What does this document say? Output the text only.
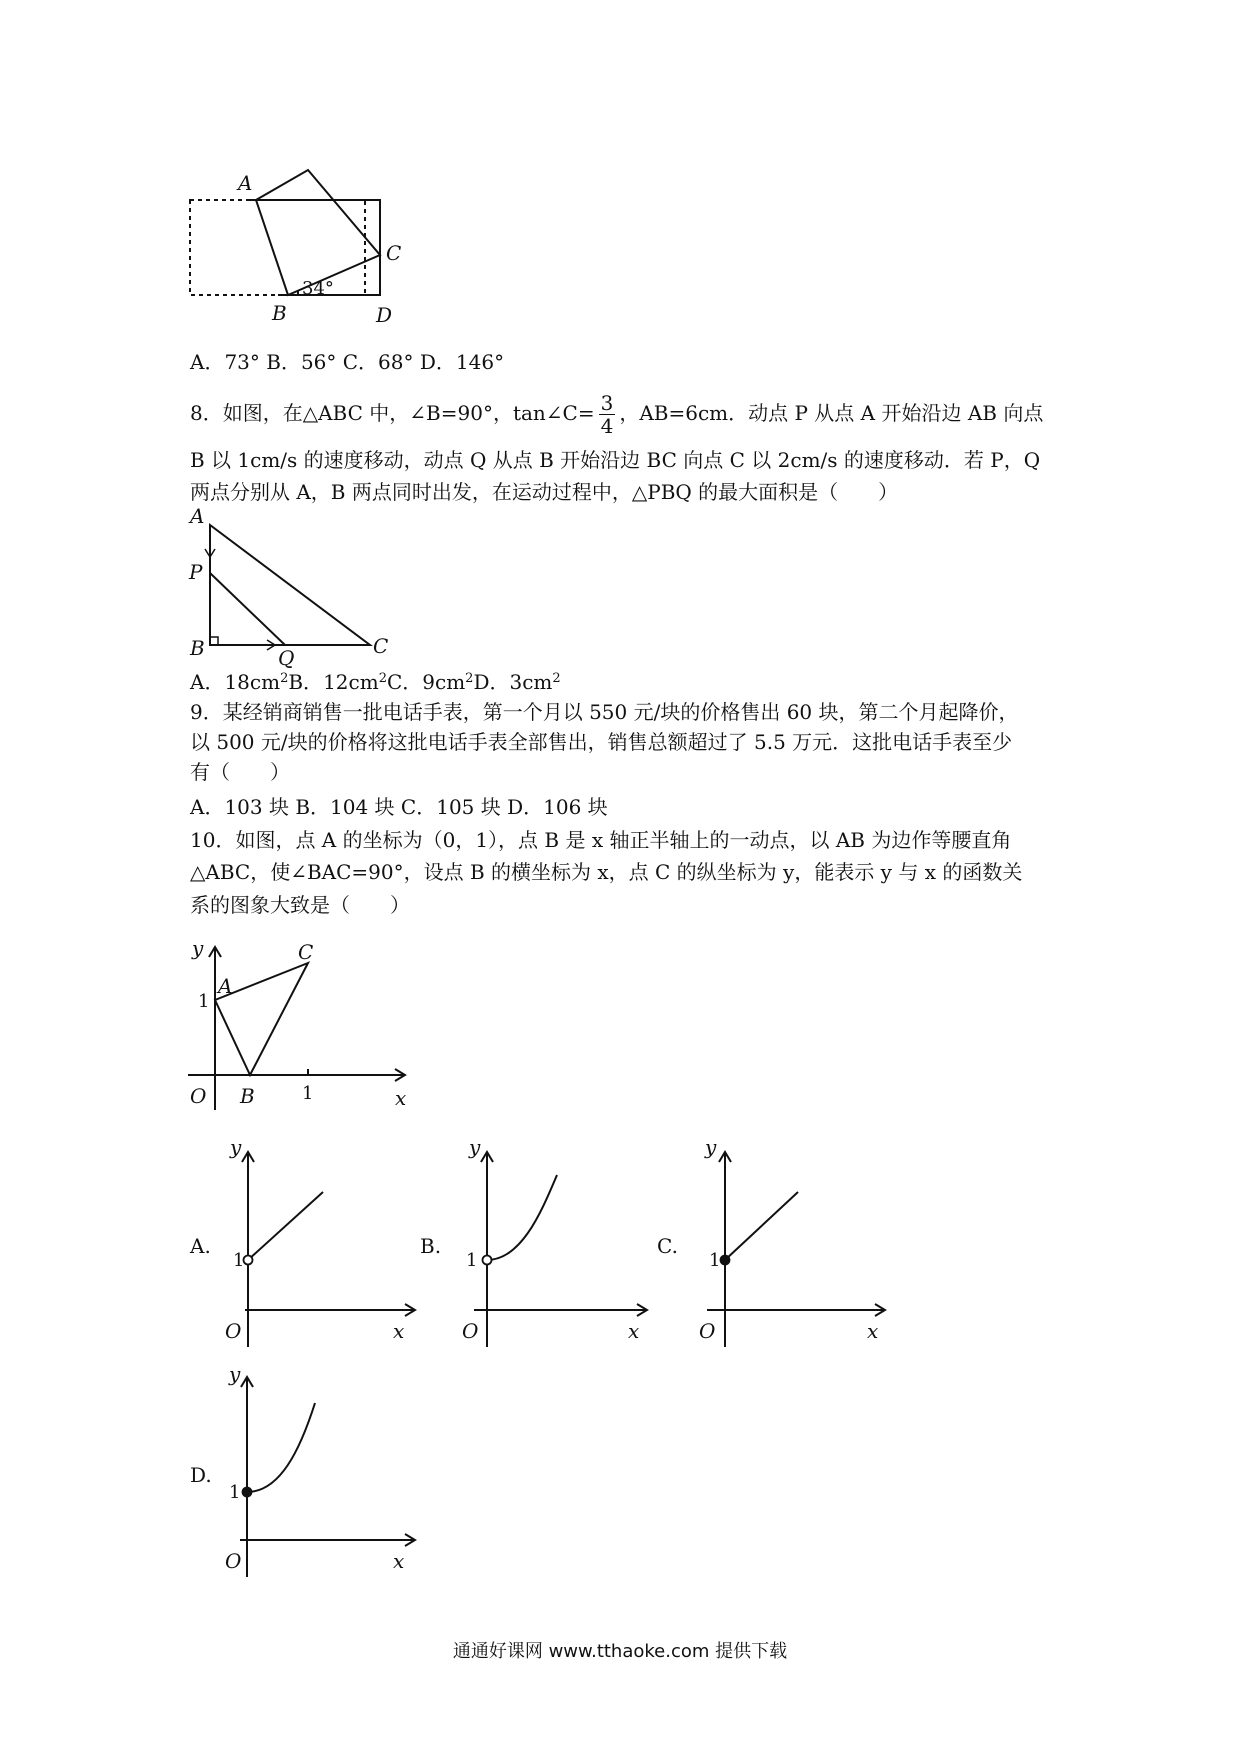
A
C
B	D
34°
A．73° B．56° C．68° D．146°
8．如图，在△ABC 中，∠B=90°，tan∠C= $\frac{3}{4}$ ，AB=6cm．动点 P 从点 A 开始沿边 AB 向点
B 以 1cm/s 的速度移动，动点 Q 从点 B 开始沿边 BC 向点 C 以 2cm/s 的速度移动．若 P，Q
两点分别从 A，B 两点同时出发，在运动过程中，△PBQ 的最大面积是（　　）
A
P
B	Q	C
A．$18cm^2B$．$12cm^2C$．$9cm^2D$．$3cm^2$
9．某经销商销售一批电话手表，第一个月以 550 元/块的价格售出 60 块，第二个月起降价，
以 500 元/块的价格将这批电话手表全部售出，销售总额超过了 5.5 万元．这批电话手表至少
有（　　）
A．103 块 B．104 块 C．105 块 D．106 块
10．如图，点 A 的坐标为（0，1），点 B 是 x 轴正半轴上的一动点，以 AB 为边作等腰直角
△ABC，使∠BAC=90°，设点 B 的横坐标为 x，点 C 的纵坐标为 y，能表示 y 与 x 的函数关
系的图象大致是（　　）
y
x
O
A
B
C
1
1
A.
y
x
O
1
B.
y
x
O
1
C.
y
x
O
1
D.
y
x
O
1
通通好课网 www.tthaoke.com 提供下载
